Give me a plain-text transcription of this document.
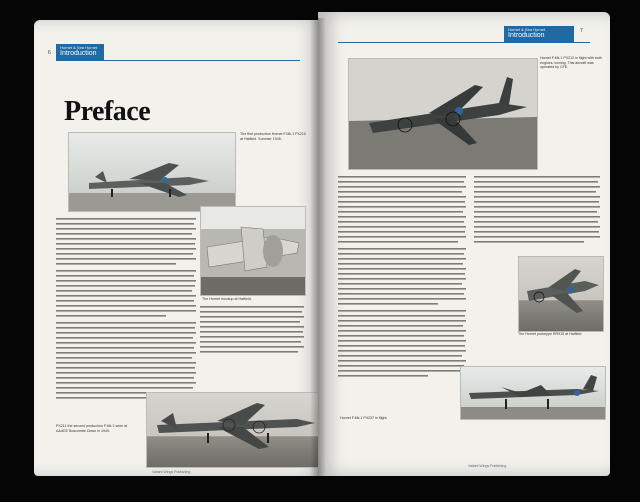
Hornet & Sea Hornet
Introduction
6
Preface
The first production Hornet F.Mk.1 PX210 at Hatfield. Summer 1945.
The Hornet mockup at Hatfield.
PX211 the second production F.Mk.1 seen at A&AEE Boscombe Down in 1945.
Valiant Wings Publishing
Hornet & Sea Hornet
Introduction
7
Hornet F.Mk.1 PX212 in flight with both engines running. This aircraft was operated by CFE.
The Hornet prototype RR915 at Hatfield.
Hornet F.Mk.1 PX237 in flight.
Valiant Wings Publishing
